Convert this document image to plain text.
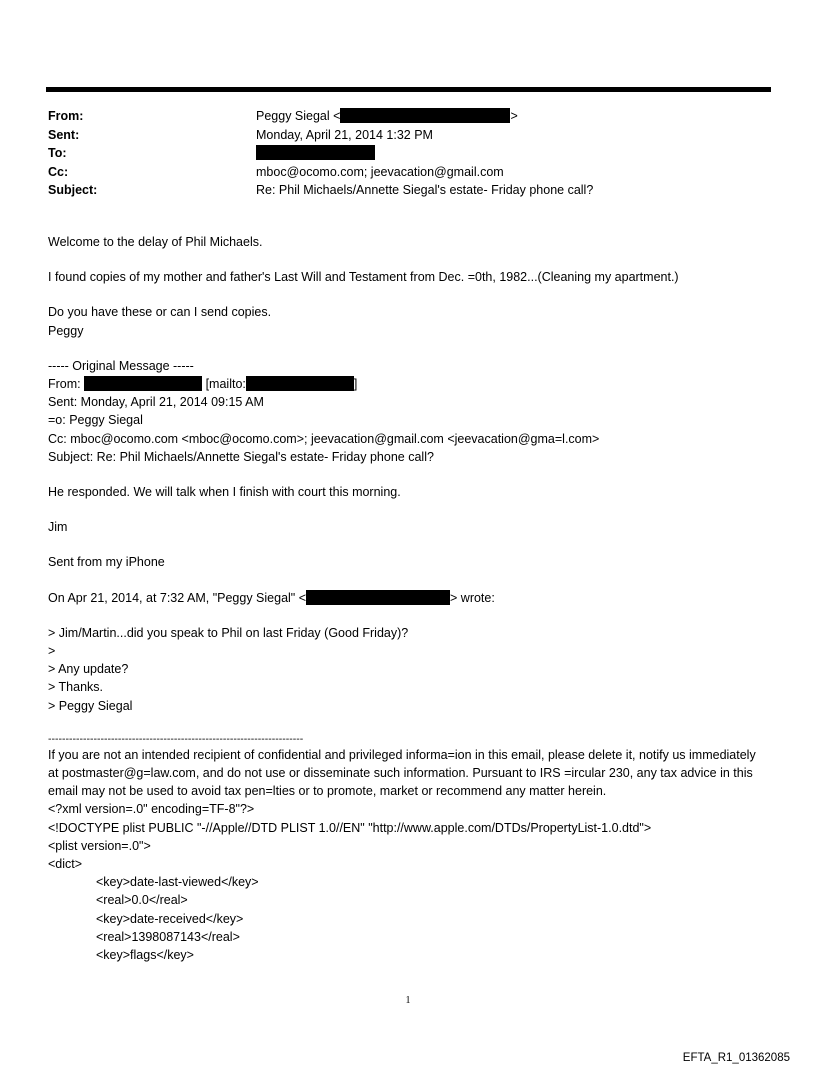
From:	Peggy Siegal <	>
Sent:	Monday, April 21, 2014 1:32 PM
To:
Cc:	mboc@ocomo.com; jeevacation@gmail.com
Subject:	Re: Phil Michaels/Annette Siegal's estate- Friday phone call?

Welcome to the delay of Phil Michaels.

I found copies of my mother and father's Last Will and Testament from Dec. =0th, 1982...(Cleaning my apartment.)

Do you have these or can I send copies.

Peggy

----- Original Message -----

From:	[mailto:	]

Sent: Monday, April 21, 2014 09:15 AM

=o: Peggy Siegal

Cc: mboc@ocomo.com <mboc@ocomo.com>; jeevacation@gmail.com <jeevacation@gma=l.com>

Subject: Re: Phil Michaels/Annette Siegal's estate- Friday phone call?

He responded. We will talk when I finish with court this morning.

Jim

Sent from my iPhone

On Apr 21, 2014, at 7:32 AM, "Peggy Siegal" <	> wrote:

> Jim/Martin...did you speak to Phil on last Friday (Good Friday)?

>

> Any update?

> Thanks.

> Peggy Siegal

-------------------------------------------------------------------------

If you are not an intended recipient of confidential and privileged informa=ion in this email, please delete it, notify us immediately at postmaster@g=law.com, and do not use or disseminate such information. Pursuant to IRS =ircular 230, any tax advice in this email may not be used to avoid tax pen=lties or to promote, market or recommend any matter herein.

<?xml version=.0" encoding=TF-8"?>

<!DOCTYPE plist PUBLIC "-//Apple//DTD PLIST 1.0//EN" "http://www.apple.com/DTDs/PropertyList-1.0.dtd">

<plist version=.0">

<dict>

<key>date-last-viewed</key>

<real>0.0</real>

<key>date-received</key>

<real>1398087143</real>

<key>flags</key>

1
EFTA_R1_01362085
